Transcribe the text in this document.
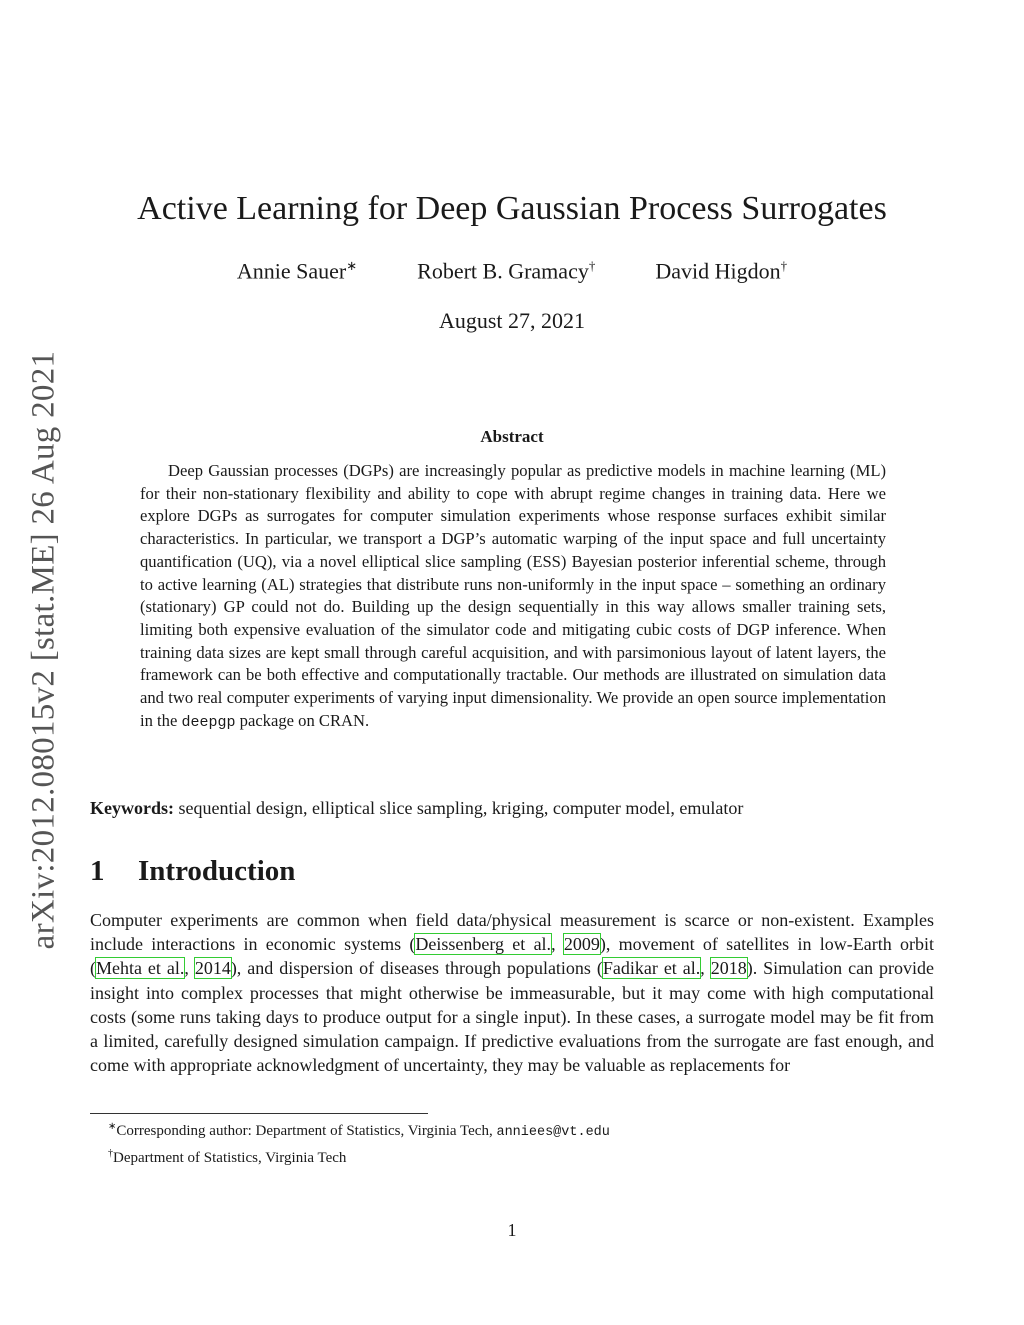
arXiv:2012.08015v2 [stat.ME] 26 Aug 2021
Active Learning for Deep Gaussian Process Surrogates
Annie Sauer∗	Robert B. Gramacy†	David Higdon†
August 27, 2021
Abstract

Deep Gaussian processes (DGPs) are increasingly popular as predictive models in machine learning (ML) for their non-stationary flexibility and ability to cope with abrupt regime changes in training data. Here we explore DGPs as surrogates for computer simulation experiments whose response surfaces exhibit similar characteristics. In particular, we transport a DGP’s automatic warping of the input space and full uncertainty quantification (UQ), via a novel elliptical slice sampling (ESS) Bayesian posterior inferential scheme, through to active learning (AL) strategies that distribute runs non-uniformly in the input space – something an ordinary (stationary) GP could not do. Building up the design sequentially in this way allows smaller training sets, limiting both expensive evaluation of the simulator code and mitigating cubic costs of DGP inference. When training data sizes are kept small through careful acquisition, and with parsimonious layout of latent layers, the framework can be both effective and computationally tractable. Our methods are illustrated on simulation data and two real computer experiments of varying input dimensionality. We provide an open source implementation in the deepgp package on CRAN.

Keywords: sequential design, elliptical slice sampling, kriging, computer model, emulator
1 Introduction

Computer experiments are common when field data/physical measurement is scarce or non-existent. Examples include interactions in economic systems (Deissenberg et al., 2009), movement of satellites in low-Earth orbit (Mehta et al., 2014), and dispersion of diseases through populations (Fadikar et al., 2018). Simulation can provide insight into complex processes that might otherwise be immeasurable, but it may come with high computational costs (some runs taking days to produce output for a single input). In these cases, a surrogate model may be fit from a limited, carefully designed simulation campaign. If predictive evaluations from the surrogate are fast enough, and come with appropriate acknowledgment of uncertainty, they may be valuable as replacements for

∗Corresponding author: Department of Statistics, Virginia Tech, anniees@vt.edu
†Department of Statistics, Virginia Tech
1
